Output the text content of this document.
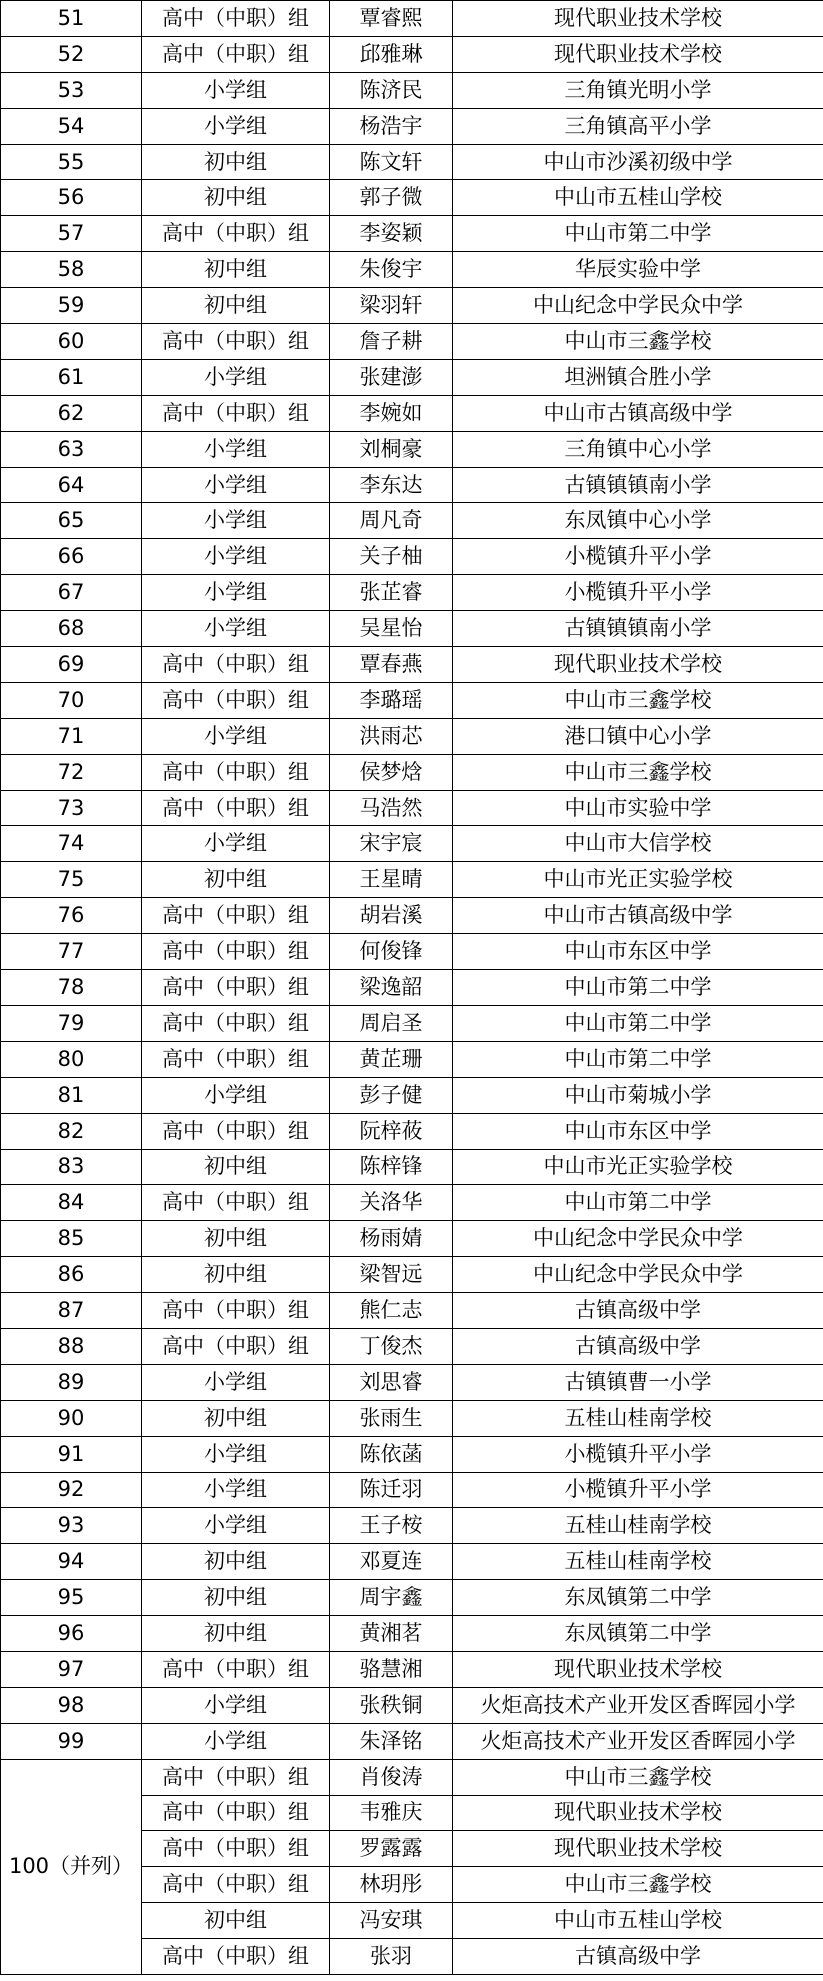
51	高中（中职）组	覃睿熙	现代职业技术学校
52	高中（中职）组	邱雅琳	现代职业技术学校
53	小学组	陈济民	三角镇光明小学
54	小学组	杨浩宇	三角镇高平小学
55	初中组	陈文轩	中山市沙溪初级中学
56	初中组	郭子微	中山市五桂山学校
57	高中（中职）组	李姿颖	中山市第二中学
58	初中组	朱俊宇	华辰实验中学
59	初中组	梁羽轩	中山纪念中学民众中学
60	高中（中职）组	詹子耕	中山市三鑫学校
61	小学组	张建澎	坦洲镇合胜小学
62	高中（中职）组	李婉如	中山市古镇高级中学
63	小学组	刘桐豪	三角镇中心小学
64	小学组	李东达	古镇镇镇南小学
65	小学组	周凡奇	东凤镇中心小学
66	小学组	关子柚	小榄镇升平小学
67	小学组	张芷睿	小榄镇升平小学
68	小学组	吴星怡	古镇镇镇南小学
69	高中（中职）组	覃春燕	现代职业技术学校
70	高中（中职）组	李璐瑶	中山市三鑫学校
71	小学组	洪雨芯	港口镇中心小学
72	高中（中职）组	侯梦焓	中山市三鑫学校
73	高中（中职）组	马浩然	中山市实验中学
74	小学组	宋宇宸	中山市大信学校
75	初中组	王星晴	中山市光正实验学校
76	高中（中职）组	胡岩溪	中山市古镇高级中学
77	高中（中职）组	何俊锋	中山市东区中学
78	高中（中职）组	梁逸韶	中山市第二中学
79	高中（中职）组	周启圣	中山市第二中学
80	高中（中职）组	黄芷珊	中山市第二中学
81	小学组	彭子健	中山市菊城小学
82	高中（中职）组	阮梓莜	中山市东区中学
83	初中组	陈梓锋	中山市光正实验学校
84	高中（中职）组	关洛华	中山市第二中学
85	初中组	杨雨婧	中山纪念中学民众中学
86	初中组	梁智远	中山纪念中学民众中学
87	高中（中职）组	熊仁志	古镇高级中学
88	高中（中职）组	丁俊杰	古镇高级中学
89	小学组	刘思睿	古镇镇曹一小学
90	初中组	张雨生	五桂山桂南学校
91	小学组	陈依菡	小榄镇升平小学
92	小学组	陈迁羽	小榄镇升平小学
93	小学组	王子桉	五桂山桂南学校
94	初中组	邓夏连	五桂山桂南学校
95	初中组	周宇鑫	东凤镇第二中学
96	初中组	黄湘茗	东凤镇第二中学
97	高中（中职）组	骆慧湘	现代职业技术学校
98	小学组	张秩铜	火炬高技术产业开发区香晖园小学
99	小学组	朱泽铭	火炬高技术产业开发区香晖园小学
100（并列）	高中（中职）组	肖俊涛	中山市三鑫学校
	高中（中职）组	韦雅庆	现代职业技术学校
	高中（中职）组	罗露露	现代职业技术学校
	高中（中职）组	林玥彤	中山市三鑫学校
	初中组	冯安琪	中山市五桂山学校
	高中（中职）组	张羽	古镇高级中学
